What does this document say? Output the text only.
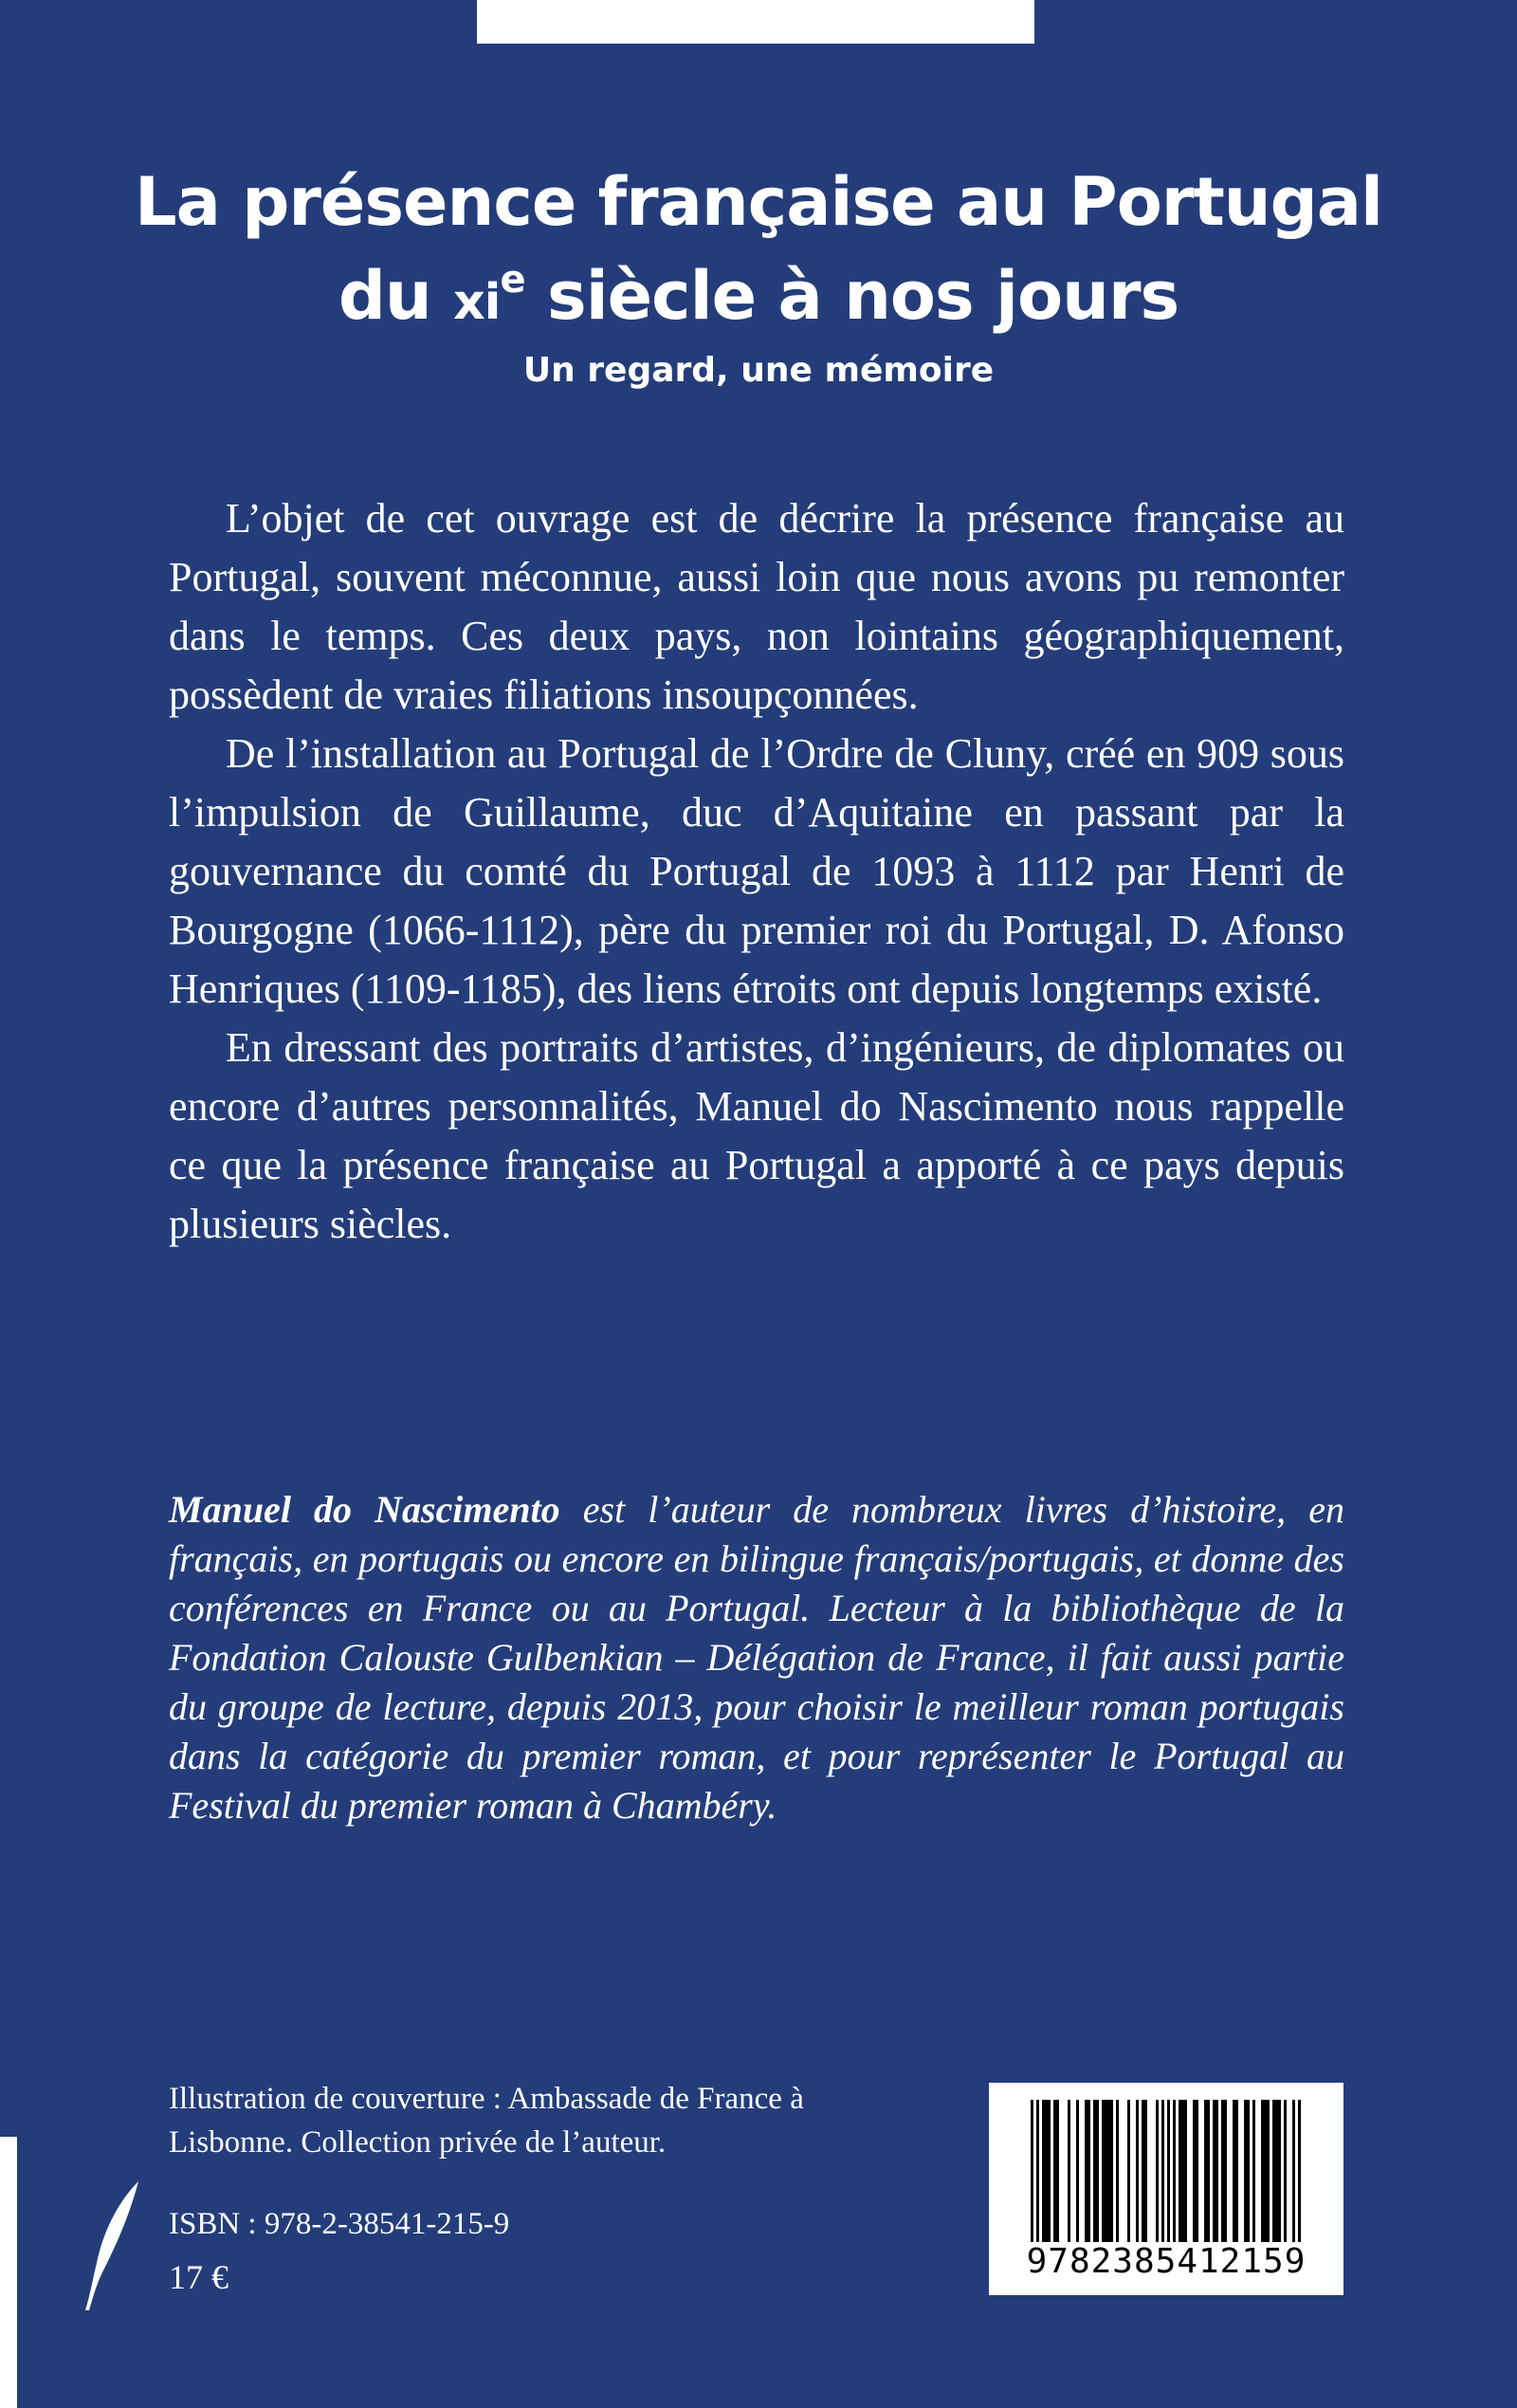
La présence française au Portugal
du $xi^e$ siècle à nos jours
Un regard, une mémoire

L’objet de cet ouvrage est de décrire la présence française au Portugal, souvent méconnue, aussi loin que nous avons pu remonter dans le temps. Ces deux pays, non lointains géographiquement, possèdent de vraies filiations insoupçonnées.

De l’installation au Portugal de l’Ordre de Cluny, créé en 909 sous l’impulsion de Guillaume, duc d’Aquitaine en passant par la gouvernance du comté du Portugal de 1093 à 1112 par Henri de Bourgogne (1066-1112), père du premier roi du Portugal, D. Afonso Henriques (1109-1185), des liens étroits ont depuis longtemps existé.

En dressant des portraits d’artistes, d’ingénieurs, de diplomates ou encore d’autres personnalités, Manuel do Nascimento nous rappelle ce que la présence française au Portugal a apporté à ce pays depuis plusieurs siècles.

Manuel do Nascimento est l’auteur de nombreux livres d’histoire, en français, en portugais ou encore en bilingue français/portugais, et donne des conférences en France ou au Portugal. Lecteur à la bibliothèque de la Fondation Calouste Gulbenkian – Délégation de France, il fait aussi partie du groupe de lecture, depuis 2013, pour choisir le meilleur roman portugais dans la catégorie du premier roman, et pour représenter le Portugal au Festival du premier roman à Chambéry.

Illustration de couverture : Ambassade de France à Lisbonne. Collection privée de l’auteur.
ISBN : 978-2-38541-215-9
17 €	9782385412159
